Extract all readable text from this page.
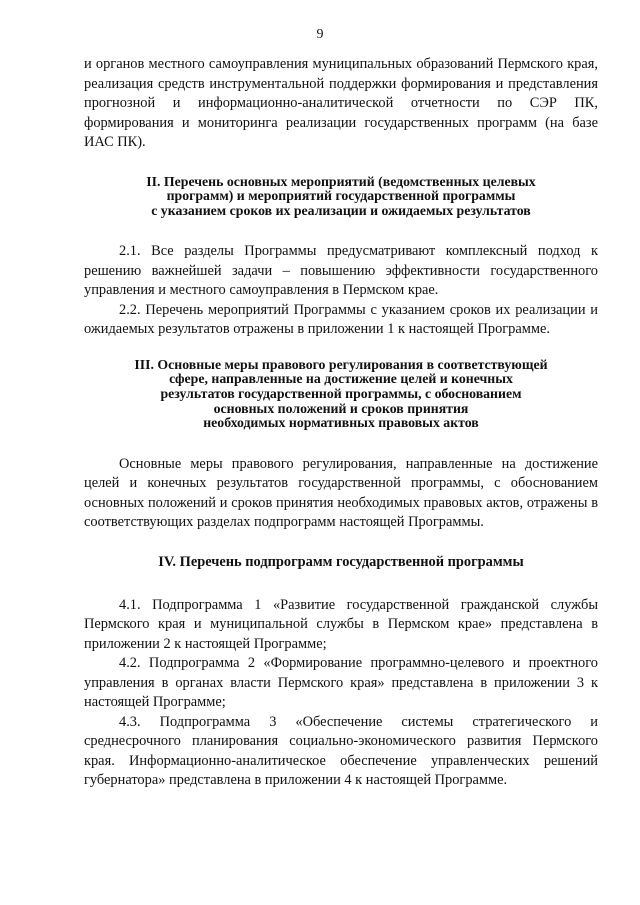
9

и органов местного самоуправления муниципальных образований Пермского края, реализация средств инструментальной поддержки формирования и представления прогнозной и информационно-аналитической отчетности по СЭР ПК, формирования и мониторинга реализации государственных программ (на базе ИАС ПК).

II. Перечень основных мероприятий (ведомственных целевых
программ) и мероприятий государственной программы
с указанием сроков их реализации и ожидаемых результатов

2.1. Все разделы Программы предусматривают комплексный подход к решению важнейшей задачи – повышению эффективности государственного управления и местного самоуправления в Пермском крае.

2.2. Перечень мероприятий Программы с указанием сроков их реализации и ожидаемых результатов отражены в приложении 1 к настоящей Программе.

III. Основные меры правового регулирования в соответствующей
сфере, направленные на достижение целей и конечных
результатов государственной программы, с обоснованием
основных положений и сроков принятия
необходимых нормативных правовых актов

Основные меры правового регулирования, направленные на достижение целей и конечных результатов государственной программы, с обоснованием основных положений и сроков принятия необходимых правовых актов, отражены в соответствующих разделах подпрограмм настоящей Программы.

IV. Перечень подпрограмм государственной программы

4.1. Подпрограмма 1 «Развитие государственной гражданской службы Пермского края и муниципальной службы в Пермском крае» представлена в приложении 2 к настоящей Программе;

4.2. Подпрограмма 2 «Формирование программно-целевого и проектного управления в органах власти Пермского края» представлена в приложении 3 к настоящей Программе;

4.3. Подпрограмма 3 «Обеспечение системы стратегического и среднесрочного планирования социально-экономического развития Пермского края. Информационно-аналитическое обеспечение управленческих решений губернатора» представлена в приложении 4 к настоящей Программе.
